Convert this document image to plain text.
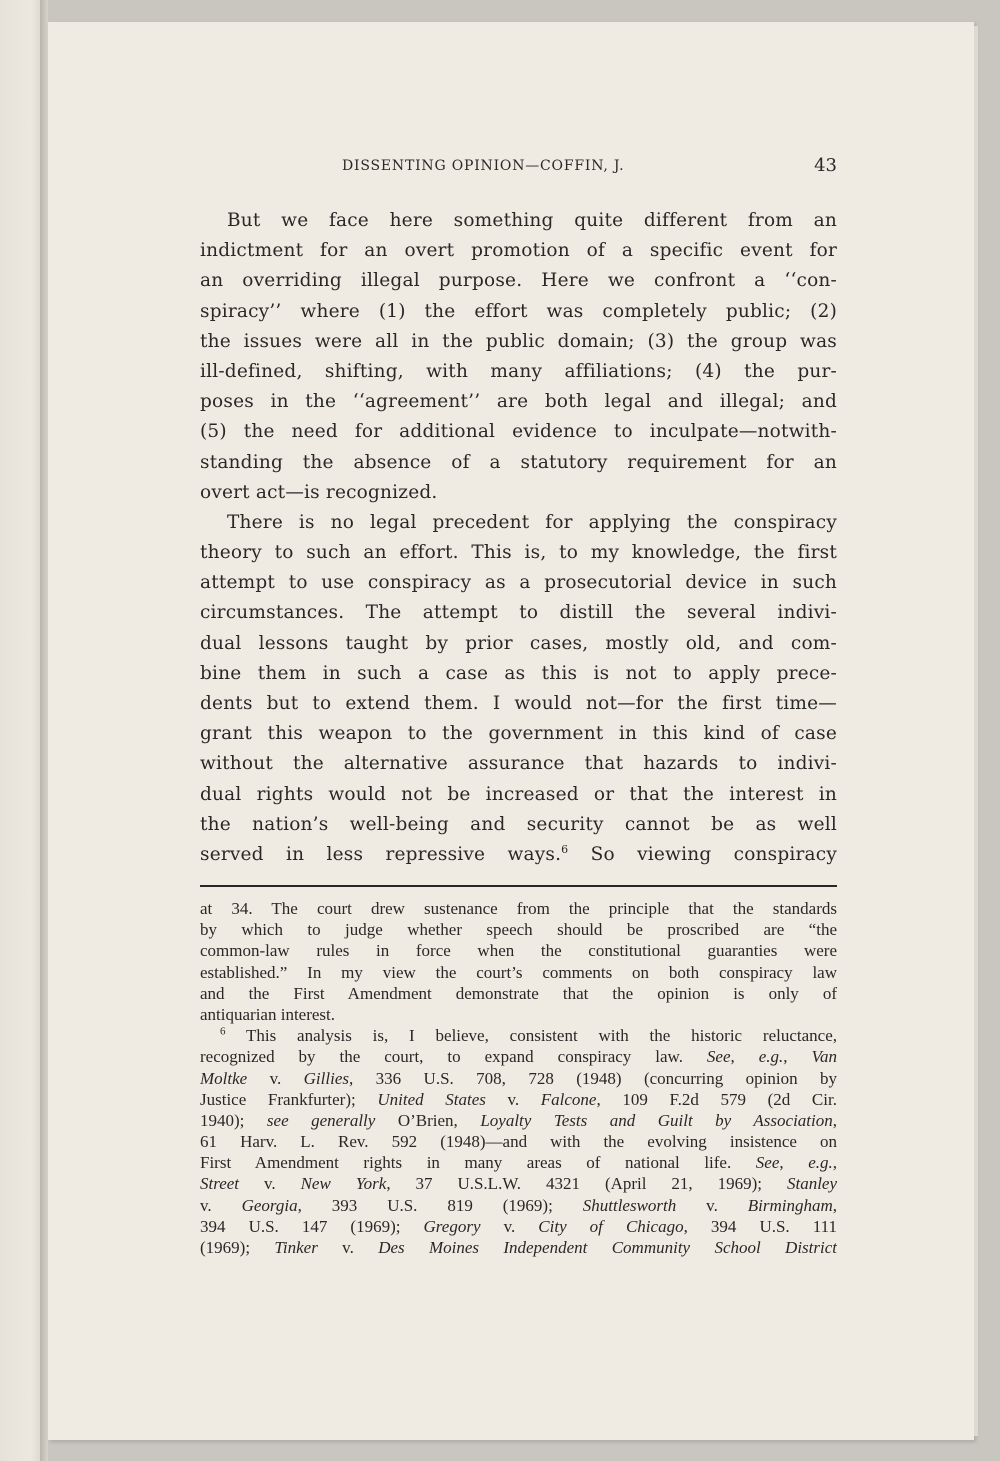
DISSENTING OPINION—COFFIN, J.	43
But we face here something quite different from an
indictment for an overt promotion of a specific event for
an overriding illegal purpose. Here we confront a ‘‘con-
spiracy’’ where (1) the effort was completely public; (2)
the issues were all in the public domain; (3) the group was
ill-defined, shifting, with many affiliations; (4) the pur-
poses in the ‘‘agreement’’ are both legal and illegal; and
(5) the need for additional evidence to inculpate—notwith-
standing the absence of a statutory requirement for an
overt act—is recognized.
There is no legal precedent for applying the conspiracy
theory to such an effort. This is, to my knowledge, the first
attempt to use conspiracy as a prosecutorial device in such
circumstances. The attempt to distill the several indivi-
dual lessons taught by prior cases, mostly old, and com-
bine them in such a case as this is not to apply prece-
dents but to extend them. I would not—for the first time—
grant this weapon to the government in this kind of case
without the alternative assurance that hazards to indivi-
dual rights would not be increased or that the interest in
the nation’s well-being and security cannot be as well
served in less repressive ways.$^6$ So viewing conspiracy
at 34. The court drew sustenance from the principle that the standards
by which to judge whether speech should be proscribed are “the
common-law rules in force when the constitutional guaranties were
established.” In my view the court’s comments on both conspiracy law
and the First Amendment demonstrate that the opinion is only of
antiquarian interest.
$^6$ This analysis is, I believe, consistent with the historic reluctance,
recognized by the court, to expand conspiracy law. See, e.g., Van
Moltke v. Gillies, 336 U.S. 708, 728 (1948) (concurring opinion by
Justice Frankfurter); United States v. Falcone, 109 F.2d 579 (2d Cir.
1940); see generally O’Brien, Loyalty Tests and Guilt by Association,
61 Harv. L. Rev. 592 (1948)—and with the evolving insistence on
First Amendment rights in many areas of national life. See, e.g.,
Street v. New York, 37 U.S.L.W. 4321 (April 21, 1969); Stanley
v. Georgia, 393 U.S. 819 (1969); Shuttlesworth v. Birmingham,
394 U.S. 147 (1969); Gregory v. City of Chicago, 394 U.S. 111
(1969); Tinker v. Des Moines Independent Community School District
